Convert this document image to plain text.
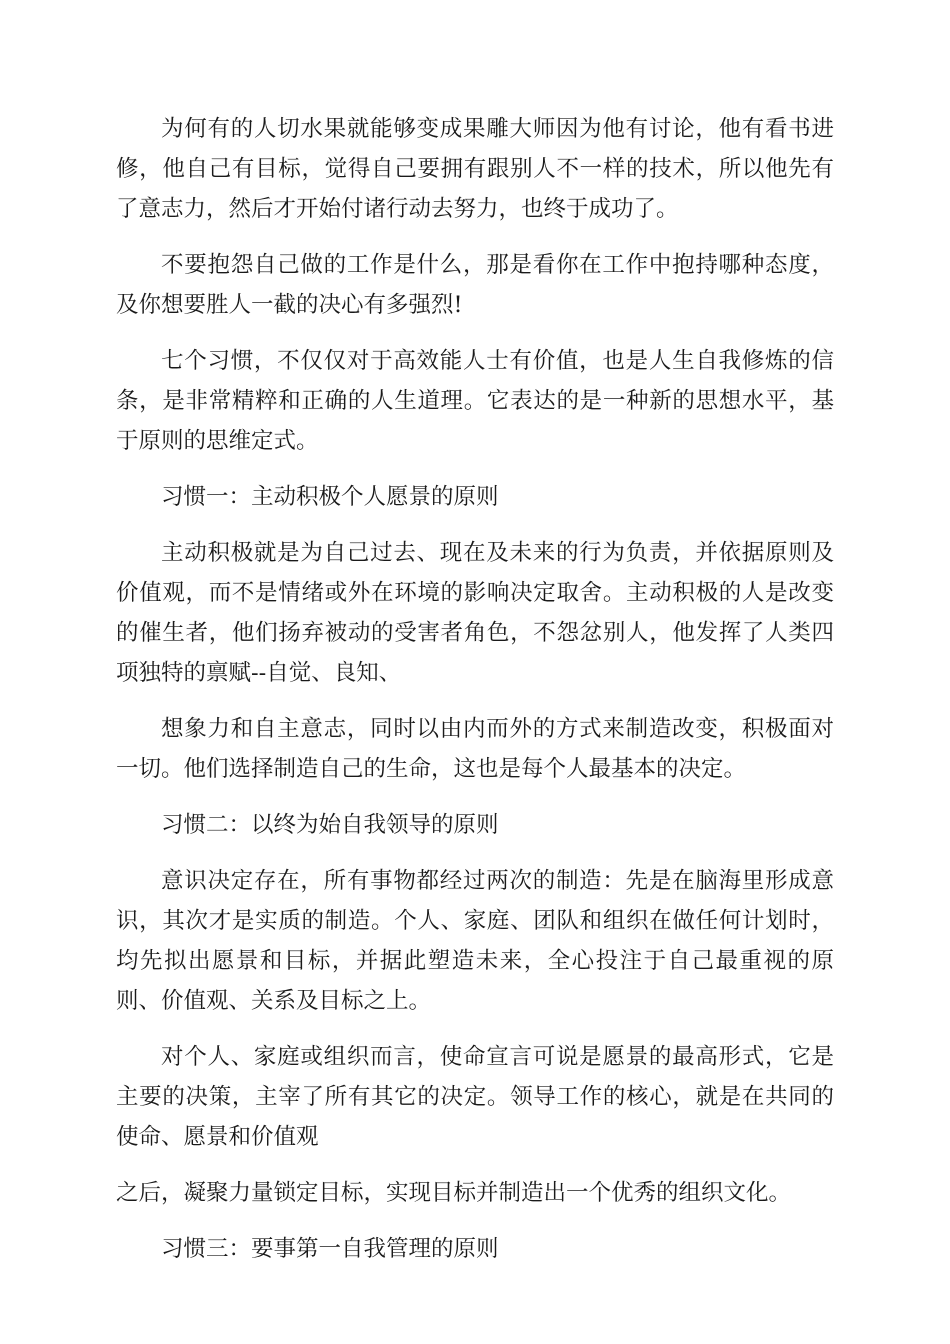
为何有的人切水果就能够变成果雕大师因为他有讨论，他有看书进修，他自己有目标，觉得自己要拥有跟别人不一样的技术，所以他先有了意志力，然后才开始付诸行动去努力，也终于成功了。

不要抱怨自己做的工作是什么，那是看你在工作中抱持哪种态度，及你想要胜人一截的决心有多强烈!

七个习惯，不仅仅对于高效能人士有价值，也是人生自我修炼的信条，是非常精粹和正确的人生道理。它表达的是一种新的思想水平，基于原则的思维定式。

习惯一：主动积极个人愿景的原则

主动积极就是为自己过去、现在及未来的行为负责，并依据原则及价值观，而不是情绪或外在环境的影响决定取舍。主动积极的人是改变的催生者，他们扬弃被动的受害者角色，不怨忿别人，他发挥了人类四项独特的禀赋--自觉、良知、

想象力和自主意志，同时以由内而外的方式来制造改变，积极面对一切。他们选择制造自己的生命，这也是每个人最基本的决定。

习惯二：以终为始自我领导的原则

意识决定存在，所有事物都经过两次的制造：先是在脑海里形成意识，其次才是实质的制造。个人、家庭、团队和组织在做任何计划时，均先拟出愿景和目标，并据此塑造未来，全心投注于自己最重视的原则、价值观、关系及目标之上。

对个人、家庭或组织而言，使命宣言可说是愿景的最高形式，它是主要的决策，主宰了所有其它的决定。领导工作的核心，就是在共同的使命、愿景和价值观

之后，凝聚力量锁定目标，实现目标并制造出一个优秀的组织文化。

习惯三：要事第一自我管理的原则
